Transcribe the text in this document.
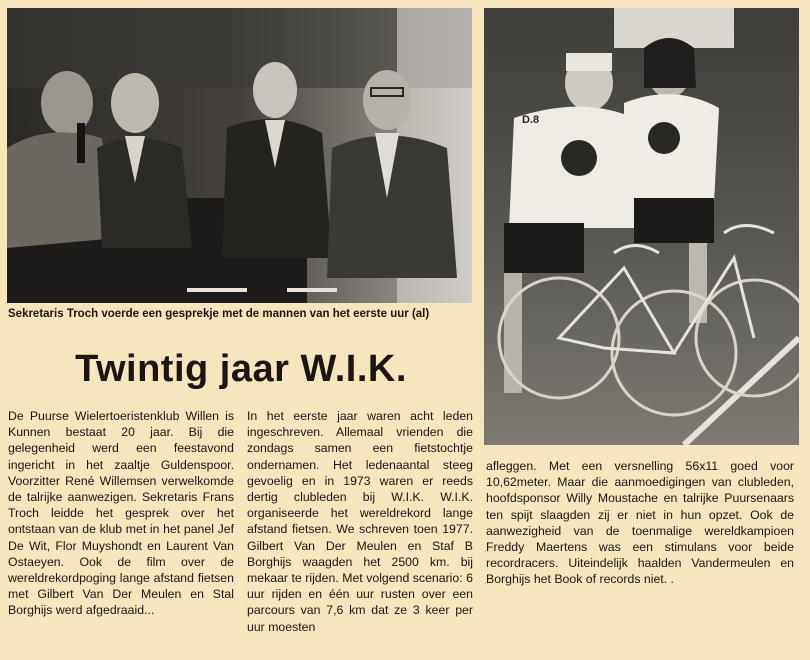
D.8
Sekretaris Troch voerde een gesprekje met de mannen van het eerste uur (al)
Twintig jaar W.I.K.

De Puurse Wielertoeristenklub Willen is Kunnen bestaat 20 jaar. Bij die gelegenheid werd een feestavond ingericht in het zaaltje Guldenspoor. Voorzitter René Willemsen verwelkomde de talrijke aanwezigen. Sekretaris Frans Troch leidde het gesprek over het ontstaan van de klub met in het panel Jef De Wit, Flor Muyshondt en Laurent Van Ostaeyen. Ook de film over de wereldrekordpoging lange afstand fietsen met Gilbert Van Der Meulen en Stal Borghijs werd afgedraaid...

In het eerste jaar waren acht leden ingeschreven. Allemaal vrienden die zondags samen een fietstochtje ondernamen. Het ledenaantal steeg gevoelig en in 1973 waren er reeds dertig clubleden bij W.I.K. W.I.K. organiseerde het wereldrekord lange afstand fietsen. We schreven toen 1977. Gilbert Van Der Meulen en Staf B Borghijs waagden het 2500 km. bij mekaar te rijden. Met volgend scenario: 6 uur rijden en één uur rusten over een parcours van 7,6 km dat ze 3 keer per uur moesten

afleggen. Met een versnelling 56x11 goed voor 10,62meter. Maar die aanmoedigingen van clubleden, hoofdsponsor Willy Moustache en talrijke Puursenaars ten spijt slaagden zij er niet in hun opzet. Ook de aanwezigheid van de toenmalige wereldkampioen Freddy Maertens was een stimulans voor beide recordracers. Uiteindelijk haalden Vandermeulen en Borghijs het Book of records niet. .
